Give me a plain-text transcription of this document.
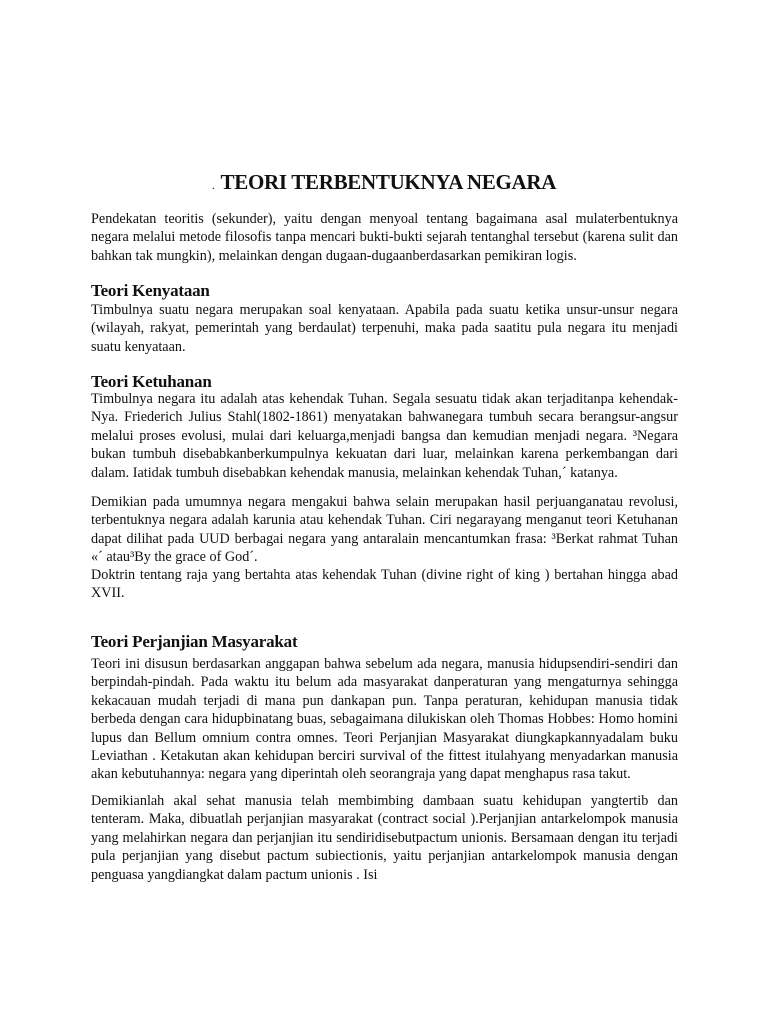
. TEORI TERBENTUKNYA NEGARA

Pendekatan teoritis (sekunder), yaitu dengan menyoal tentang bagaimana asal mulaterbentuknya negara melalui metode filosofis tanpa mencari bukti-bukti sejarah tentanghal tersebut (karena sulit dan bahkan tak mungkin), melainkan dengan dugaan-dugaanberdasarkan pemikiran logis.

Teori Kenyataan

Timbulnya suatu negara merupakan soal kenyataan. Apabila pada suatu ketika unsur-unsur negara (wilayah, rakyat, pemerintah yang berdaulat) terpenuhi, maka pada saatitu pula negara itu menjadi suatu kenyataan.

Teori Ketuhanan

Timbulnya negara itu adalah atas kehendak Tuhan. Segala sesuatu tidak akan terjaditanpa kehendak-Nya. Friederich Julius Stahl(1802-1861) menyatakan bahwanegara tumbuh secara berangsur-angsur melalui proses evolusi, mulai dari keluarga,menjadi bangsa dan kemudian menjadi negara. ³Negara bukan tumbuh disebabkanberkumpulnya kekuatan dari luar, melainkan karena perkembangan dari dalam. Iatidak tumbuh disebabkan kehendak manusia, melainkan kehendak Tuhan,´ katanya.

Demikian pada umumnya negara mengakui bahwa selain merupakan hasil perjuanganatau revolusi, terbentuknya negara adalah karunia atau kehendak Tuhan. Ciri negarayang menganut teori Ketuhanan dapat dilihat pada UUD berbagai negara yang antaralain mencantumkan frasa: ³Berkat rahmat Tuhan «´ atau³By the grace of God´.

Doktrin tentang raja yang bertahta atas kehendak Tuhan (divine right of king ) bertahan hingga abad XVII.

Teori Perjanjian Masyarakat

Teori ini disusun berdasarkan anggapan bahwa sebelum ada negara, manusia hidupsendiri-sendiri dan berpindah-pindah. Pada waktu itu belum ada masyarakat danperaturan yang mengaturnya sehingga kekacauan mudah terjadi di mana pun dankapan pun. Tanpa peraturan, kehidupan manusia tidak berbeda dengan cara hidupbinatang buas, sebagaimana dilukiskan oleh Thomas Hobbes: Homo homini lupus dan Bellum omnium contra omnes. Teori Perjanjian Masyarakat diungkapkannyadalam buku Leviathan . Ketakutan akan kehidupan berciri survival of the fittest itulahyang menyadarkan manusia akan kebutuhannya: negara yang diperintah oleh seorangraja yang dapat menghapus rasa takut.

Demikianlah akal sehat manusia telah membimbing dambaan suatu kehidupan yangtertib dan tenteram. Maka, dibuatlah perjanjian masyarakat (contract social ).Perjanjian antarkelompok manusia yang melahirkan negara dan perjanjian itu sendiridisebutpactum unionis. Bersamaan dengan itu terjadi pula perjanjian yang disebut pactum subiectionis, yaitu perjanjian antarkelompok manusia dengan penguasa yangdiangkat dalam pactum unionis . Isi
